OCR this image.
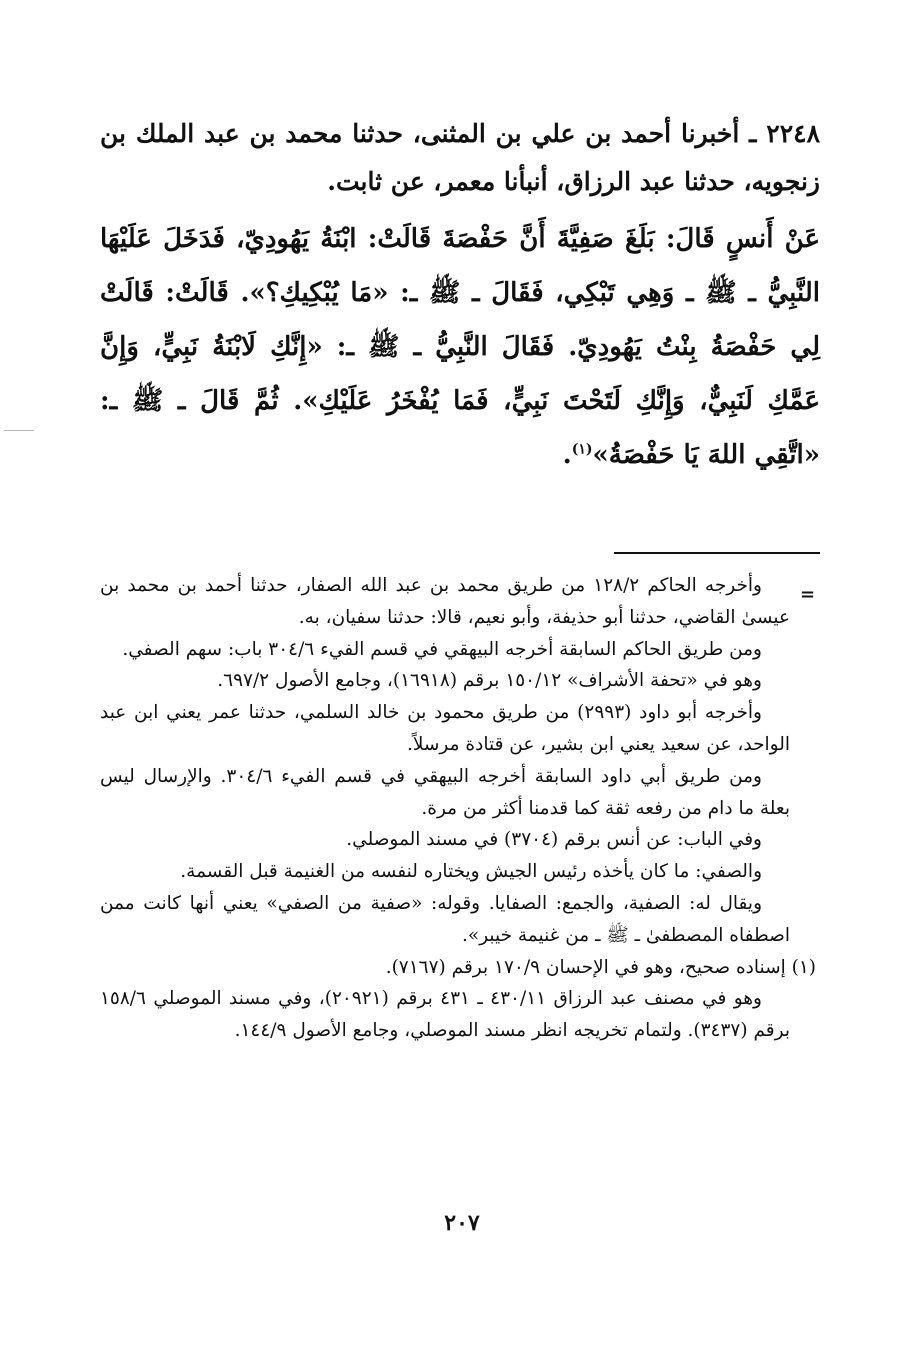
٢٢٤٨ ـ أخبرنا أحمد بن علي بن المثنى، حدثنا محمد بن عبد الملك بن زنجويه، حدثنا عبد الرزاق، أنبأنا معمر، عن ثابت.

عَنْ أَنسٍ قَالَ: بَلَغَ صَفِيَّةَ أَنَّ حَفْصَةَ قَالَتْ: ابْنَةُ يَهُودِيّ، فَدَخَلَ عَلَيْهَا النَّبِيُّ ـ ﷺ ـ وَهِي تَبْكِي، فَقَالَ ـ ﷺ ـ: «مَا يُبْكِيكِ؟». قَالَتْ: قَالَتْ لِي حَفْصَةُ بِنْتُ يَهُودِيّ. فَقَالَ النَّبِيُّ ـ ﷺ ـ: «إِنَّكِ لَابْنَةُ نَبِيٍّ، وَإِنَّ عَمَّكِ لَنَبِيٌّ، وَإِنَّكِ لَتَحْتَ نَبِيٍّ، فَمَا يُفْخَرُ عَلَيْكِ». ثُمَّ قَالَ ـ ﷺ ـ: «اتَّقِي اللهَ يَا حَفْصَةُ»$^{(١)}$.

=

وأخرجه الحاكم ١٢٨/٢ من طريق محمد بن عبد الله الصفار، حدثنا أحمد بن محمد بن عيسىٰ القاضي، حدثنا أبو حذيفة، وأبو نعيم، قالا: حدثنا سفيان، به.

ومن طريق الحاكم السابقة أخرجه البيهقي في قسم الفيء ٣٠٤/٦ باب: سهم الصفي.

وهو في «تحفة الأشراف» ١٥٠/١٢ برقم (١٦٩١٨)، وجامع الأصول ٦٩٧/٢.

وأخرجه أبو داود (٢٩٩٣) من طريق محمود بن خالد السلمي، حدثنا عمر يعني ابن عبد الواحد، عن سعيد يعني ابن بشير، عن قتادة مرسلاً.

ومن طريق أبي داود السابقة أخرجه البيهقي في قسم الفيء ٣٠٤/٦. والإرسال ليس بعلة ما دام من رفعه ثقة كما قدمنا أكثر من مرة.

وفي الباب: عن أنس برقم (٣٧٠٤) في مسند الموصلي.

والصفي: ما كان يأخذه رئيس الجيش ويختاره لنفسه من الغنيمة قبل القسمة.

ويقال له: الصفية، والجمع: الصفايا. وقوله: «صفية من الصفي» يعني أنها كانت ممن اصطفاه المصطفىٰ ـ ﷺ ـ من غنيمة خيبر».

(١) إسناده صحيح، وهو في الإحسان ١٧٠/٩ برقم (٧١٦٧).

وهو في مصنف عبد الرزاق ٤٣٠/١١ ـ ٤٣١ برقم (٢٠٩٢١)، وفي مسند الموصلي ١٥٨/٦ برقم (٣٤٣٧). ولتمام تخريجه انظر مسند الموصلي، وجامع الأصول ١٤٤/٩.

٢٠٧
